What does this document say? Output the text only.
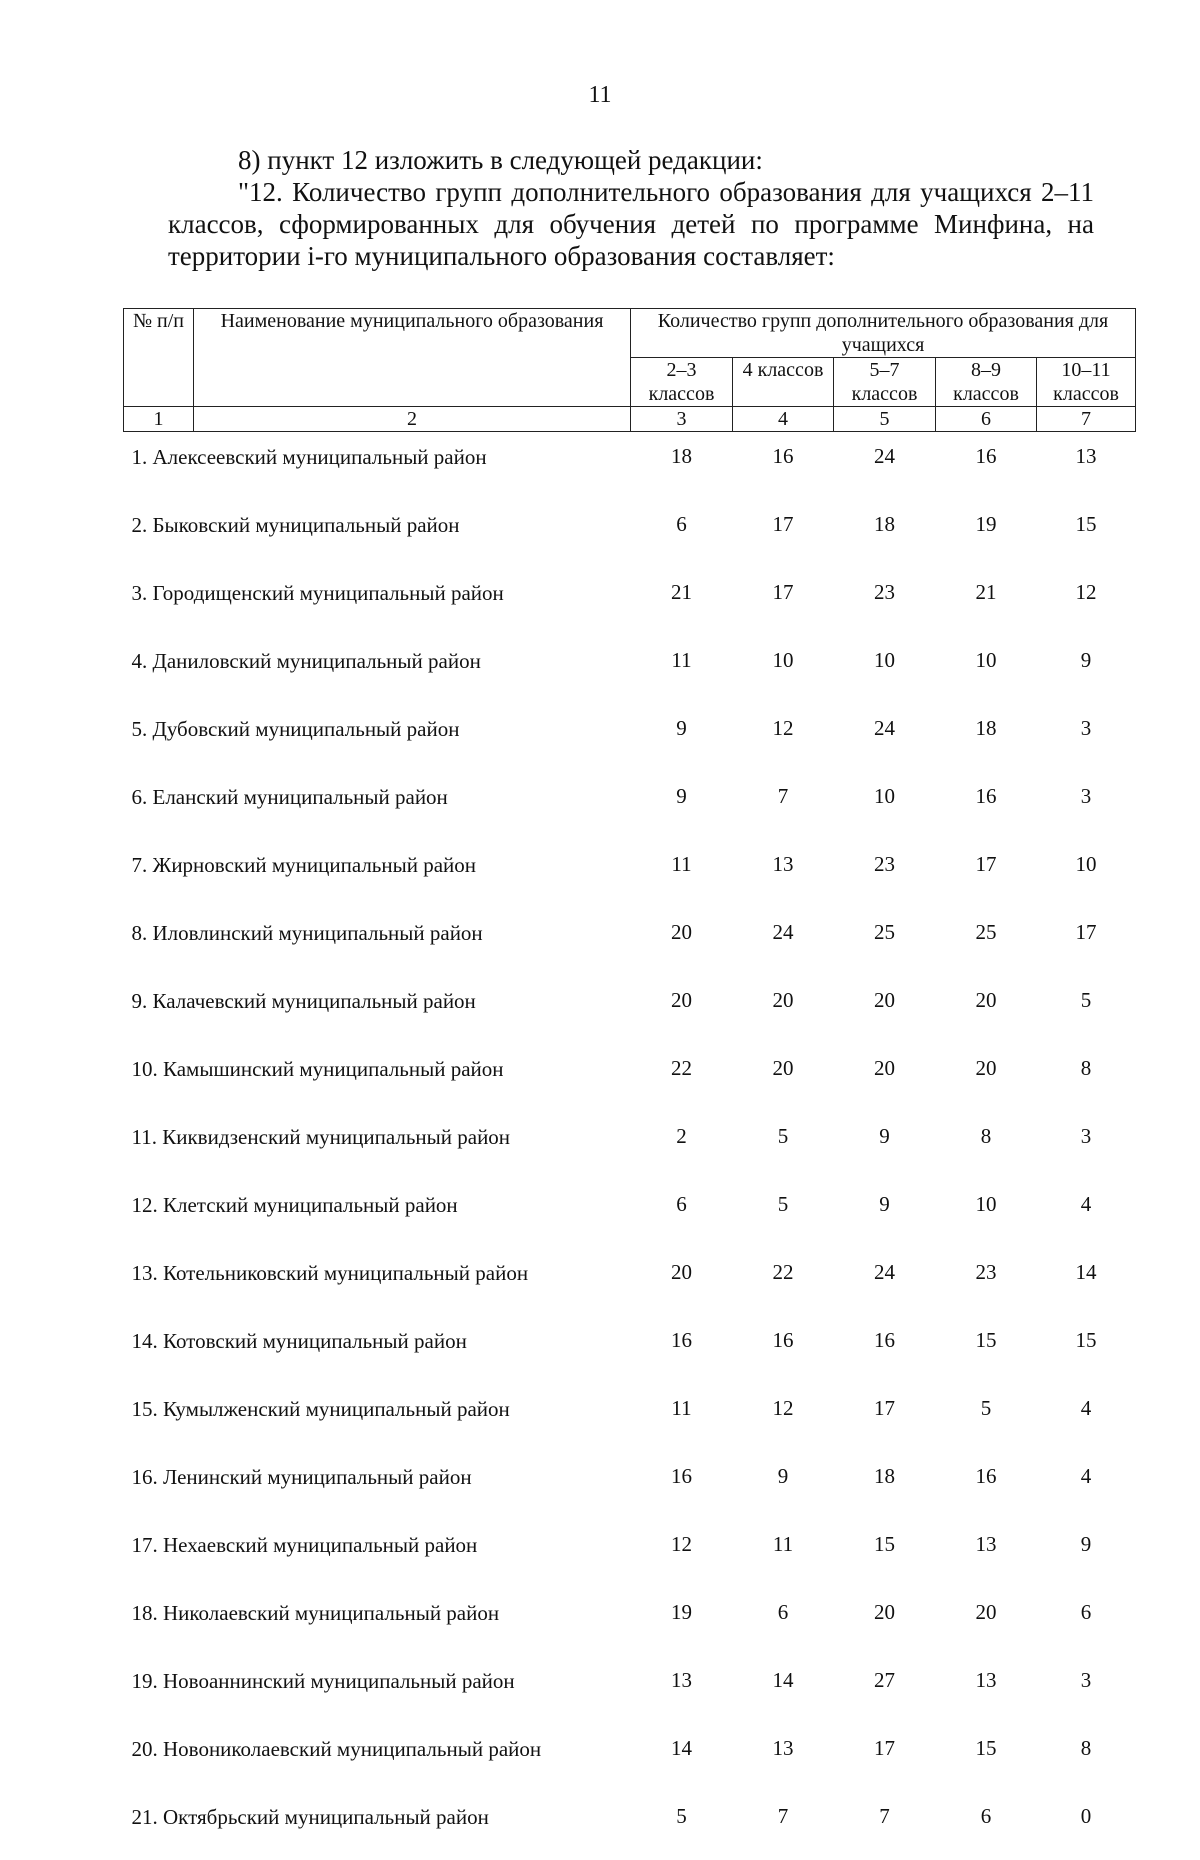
11

8) пункт 12 изложить в следующей редакции:

"12. Количество групп дополнительного образования для учащихся 2–11 классов, сформированных для обучения детей по программе Минфина, на территории i-го муниципального образования составляет:

№ п/п	Наименование муниципального образования	Количество групп дополнительного образования для учащихся				
		2–3 классов	4 классов	5–7 классов	8–9 классов	10–11 классов
1	2	3	4	5	6	7
1. Алексеевский муниципальный район		18	16	24	16	13
2. Быковский муниципальный район		6	17	18	19	15
3. Городищенский муниципальный район		21	17	23	21	12
4. Даниловский муниципальный район		11	10	10	10	9
5. Дубовский муниципальный район		9	12	24	18	3
6. Еланский муниципальный район		9	7	10	16	3
7. Жирновский муниципальный район		11	13	23	17	10
8. Иловлинский муниципальный район		20	24	25	25	17
9. Калачевский муниципальный район		20	20	20	20	5
10. Камышинский муниципальный район		22	20	20	20	8
11. Киквидзенский муниципальный район		2	5	9	8	3
12. Клетский муниципальный район		6	5	9	10	4
13. Котельниковский муниципальный район		20	22	24	23	14
14. Котовский муниципальный район		16	16	16	15	15
15. Кумылженский муниципальный район		11	12	17	5	4
16. Ленинский муниципальный район		16	9	18	16	4
17. Нехаевский муниципальный район		12	11	15	13	9
18. Николаевский муниципальный район		19	6	20	20	6
19. Новоаннинский муниципальный район		13	14	27	13	3
20. Новониколаевский муниципальный район		14	13	17	15	8
21. Октябрьский муниципальный район		5	7	7	6	0
